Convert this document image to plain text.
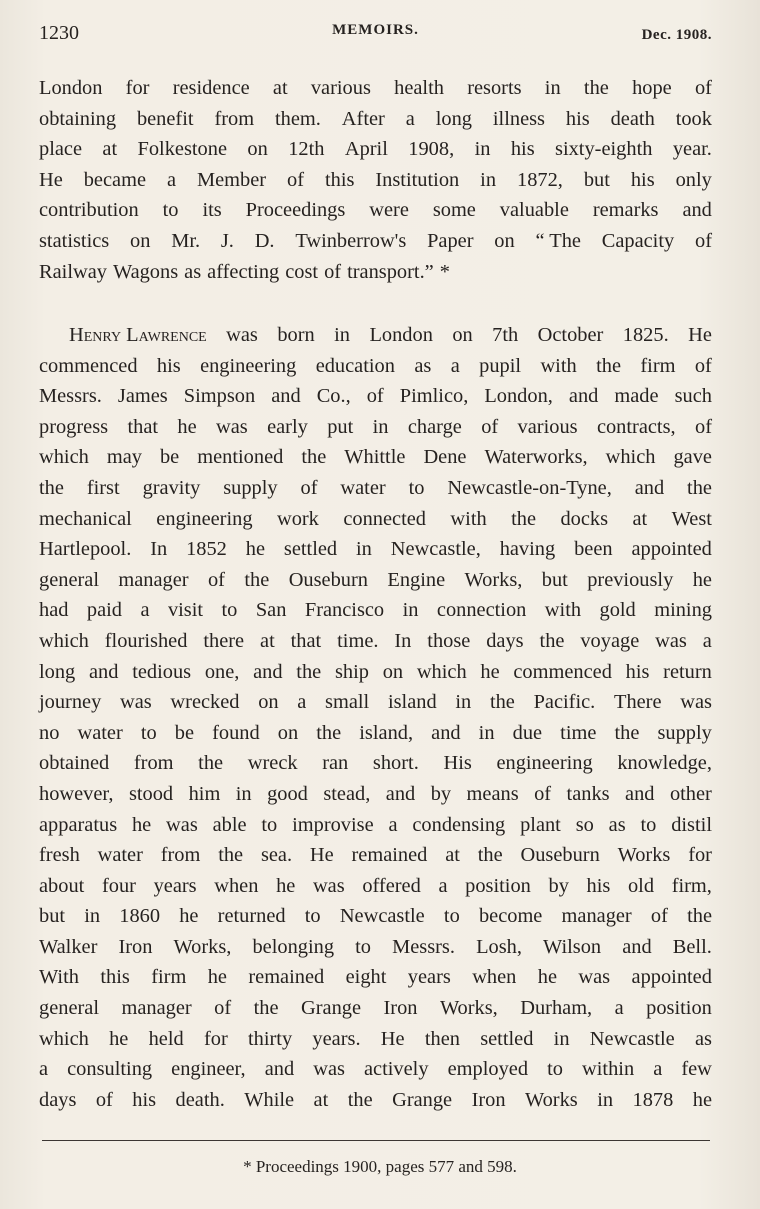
1230	MEMOIRS.	Dec. 1908.
London for residence at various health resorts in the hope of
obtaining benefit from them. After a long illness his death took
place at Folkestone on 12th April 1908, in his sixty-eighth year.
He became a Member of this Institution in 1872, but his only
contribution to its Proceedings were some valuable remarks and
statistics on Mr. J. D. Twinberrow's Paper on “ The Capacity of
Railway Wagons as affecting cost of transport.” *
Henry Lawrence was born in London on 7th October 1825. He
commenced his engineering education as a pupil with the firm of
Messrs. James Simpson and Co., of Pimlico, London, and made such
progress that he was early put in charge of various contracts, of
which may be mentioned the Whittle Dene Waterworks, which gave
the first gravity supply of water to Newcastle-on-Tyne, and the
mechanical engineering work connected with the docks at West
Hartlepool. In 1852 he settled in Newcastle, having been appointed
general manager of the Ouseburn Engine Works, but previously he
had paid a visit to San Francisco in connection with gold mining
which flourished there at that time. In those days the voyage was a
long and tedious one, and the ship on which he commenced his return
journey was wrecked on a small island in the Pacific. There was
no water to be found on the island, and in due time the supply
obtained from the wreck ran short. His engineering knowledge,
however, stood him in good stead, and by means of tanks and other
apparatus he was able to improvise a condensing plant so as to distil
fresh water from the sea. He remained at the Ouseburn Works for
about four years when he was offered a position by his old firm,
but in 1860 he returned to Newcastle to become manager of the
Walker Iron Works, belonging to Messrs. Losh, Wilson and Bell.
With this firm he remained eight years when he was appointed
general manager of the Grange Iron Works, Durham, a position
which he held for thirty years. He then settled in Newcastle as
a consulting engineer, and was actively employed to within a few
days of his death. While at the Grange Iron Works in 1878 he
* Proceedings 1900, pages 577 and 598.
